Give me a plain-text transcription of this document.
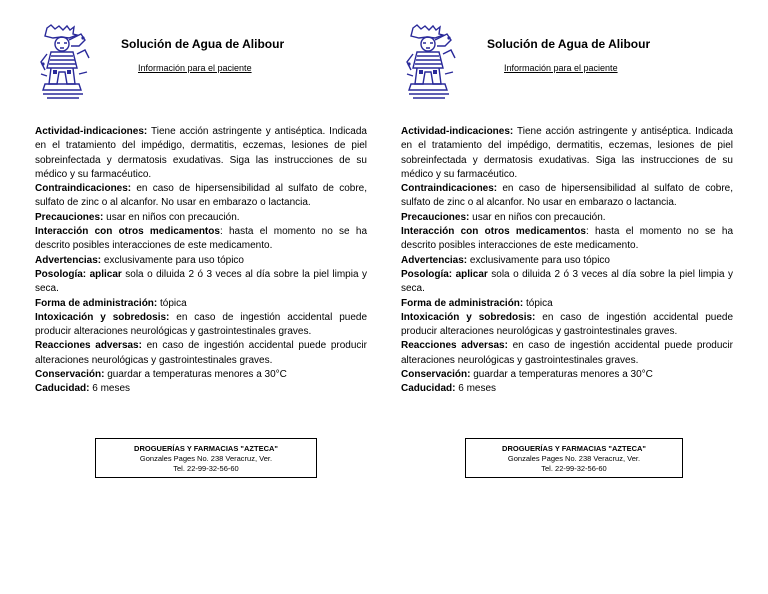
Solución de Agua de Alibour
Información para el paciente

Actividad-indicaciones: Tiene acción astringente y antiséptica. Indicada en el tratamiento del impédigo, dermatitis, eczemas, lesiones de piel sobreinfectada y dermatosis exudativas. Siga las instrucciones de su médico y su farmacéutico.

Contraindicaciones: en caso de hipersensibilidad al sulfato de cobre, sulfato de zinc o al alcanfor. No usar en embarazo o lactancia.

Precauciones: usar en niños con precaución.

Interacción con otros medicamentos: hasta el momento no se ha descrito posibles interacciones de este medicamento.

Advertencias: exclusivamente para uso tópico

Posología: aplicar sola o diluida 2 ó 3 veces al día sobre la piel limpia y seca.

Forma de administración: tópica

Intoxicación y sobredosis: en caso de ingestión accidental puede producir alteraciones neurológicas y gastrointestinales graves.

Reacciones adversas: en caso de ingestión accidental puede producir alteraciones neurológicas y gastrointestinales graves.

Conservación: guardar a temperaturas menores a 30°C

Caducidad: 6 meses

DROGUERÍAS Y FARMACIAS "AZTECA"
Gonzales Pages No. 238 Veracruz, Ver.
Tel. 22-99-32-56-60
Solución de Agua de Alibour
Información para el paciente

Actividad-indicaciones: Tiene acción astringente y antiséptica. Indicada en el tratamiento del impédigo, dermatitis, eczemas, lesiones de piel sobreinfectada y dermatosis exudativas. Siga las instrucciones de su médico y su farmacéutico.

Contraindicaciones: en caso de hipersensibilidad al sulfato de cobre, sulfato de zinc o al alcanfor. No usar en embarazo o lactancia.

Precauciones: usar en niños con precaución.

Interacción con otros medicamentos: hasta el momento no se ha descrito posibles interacciones de este medicamento.

Advertencias: exclusivamente para uso tópico

Posología: aplicar sola o diluida 2 ó 3 veces al día sobre la piel limpia y seca.

Forma de administración: tópica

Intoxicación y sobredosis: en caso de ingestión accidental puede producir alteraciones neurológicas y gastrointestinales graves.

Reacciones adversas: en caso de ingestión accidental puede producir alteraciones neurológicas y gastrointestinales graves.

Conservación: guardar a temperaturas menores a 30°C

Caducidad: 6 meses

DROGUERÍAS Y FARMACIAS "AZTECA"
Gonzales Pages No. 238 Veracruz, Ver.
Tel. 22-99-32-56-60
